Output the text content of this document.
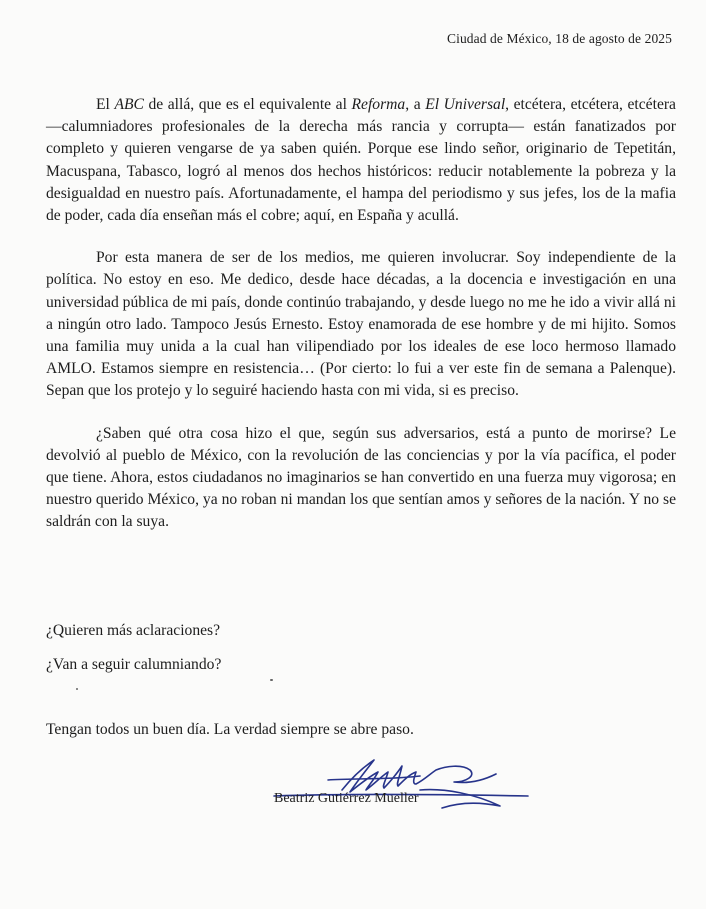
Ciudad de México, 18 de agosto de 2025

El ABC de allá, que es el equivalente al Reforma, a El Universal, etcétera, etcétera, etcétera —calumniadores profesionales de la derecha más rancia y corrupta— están fanatizados por completo y quieren vengarse de ya saben quién. Porque ese lindo señor, originario de Tepetitán, Macuspana, Tabasco, logró al menos dos hechos históricos: reducir notablemente la pobreza y la desigualdad en nuestro país. Afortunadamente, el hampa del periodismo y sus jefes, los de la mafia de poder, cada día enseñan más el cobre; aquí, en España y acullá.

Por esta manera de ser de los medios, me quieren involucrar. Soy independiente de la política. No estoy en eso. Me dedico, desde hace décadas, a la docencia e investigación en una universidad pública de mi país, donde continúo trabajando, y desde luego no me he ido a vivir allá ni a ningún otro lado. Tampoco Jesús Ernesto. Estoy enamorada de ese hombre y de mi hijito. Somos una familia muy unida a la cual han vilipendiado por los ideales de ese loco hermoso llamado AMLO. Estamos siempre en resistencia… (Por cierto: lo fui a ver este fin de semana a Palenque). Sepan que los protejo y lo seguiré haciendo hasta con mi vida, si es preciso.

¿Saben qué otra cosa hizo el que, según sus adversarios, está a punto de morirse? Le devolvió al pueblo de México, con la revolución de las conciencias y por la vía pacífica, el poder que tiene. Ahora, estos ciudadanos no imaginarios se han convertido en una fuerza muy vigorosa; en nuestro querido México, ya no roban ni mandan los que sentían amos y señores de la nación. Y no se saldrán con la suya.

¿Quieren más aclaraciones?
¿Van a seguir calumniando?
Tengan todos un buen día. La verdad siempre se abre paso.
Beatriz Gutiérrez Mueller
